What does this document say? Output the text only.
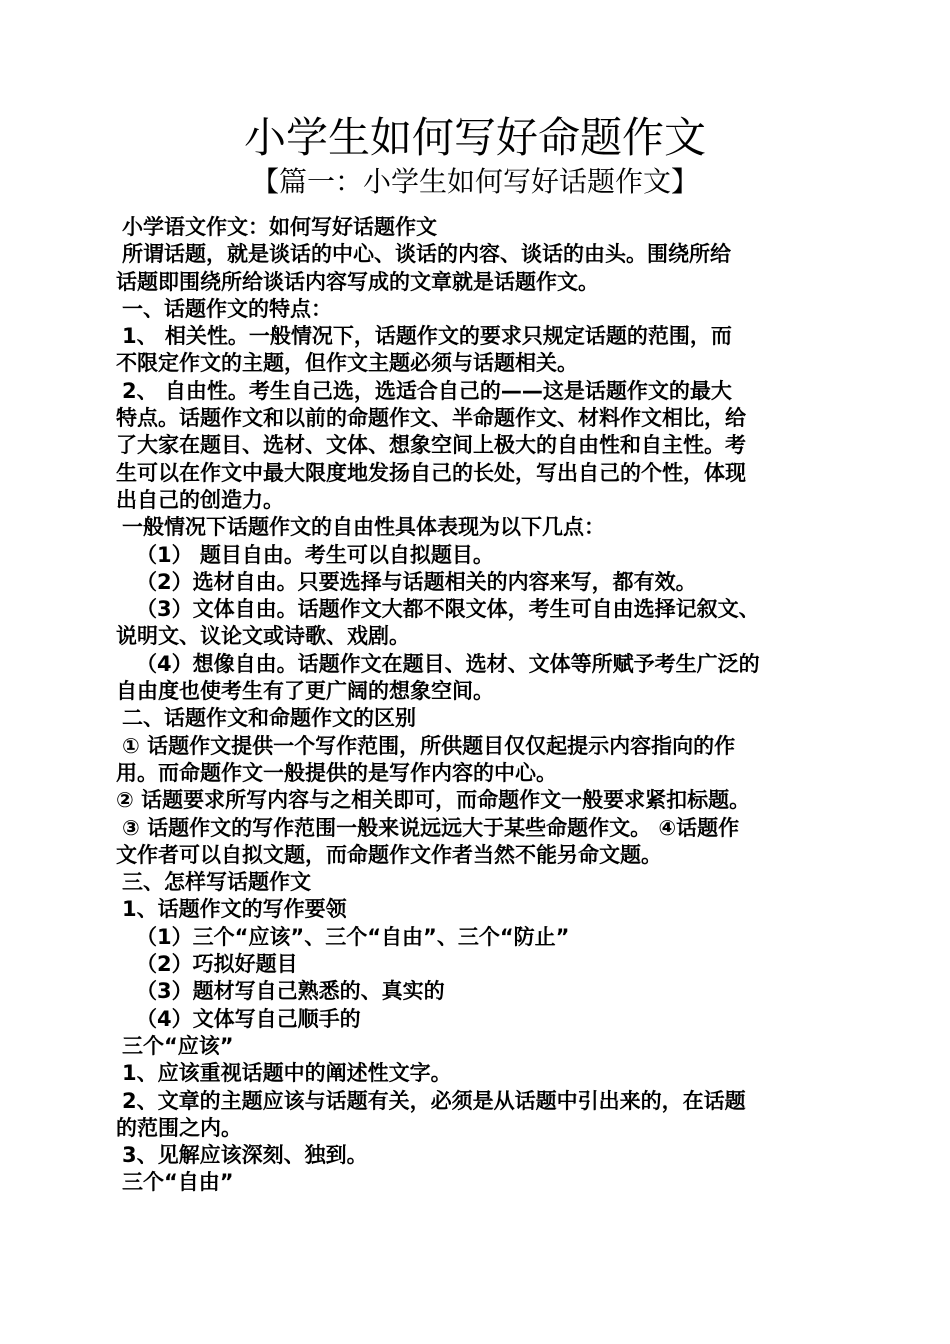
小学生如何写好命题作文
【篇一：小学生如何写好话题作文】

小学语文作文：如何写好话题作文

所谓话题，就是谈话的中心、谈话的内容、谈话的由头。围绕所给

话题即围绕所给谈话内容写成的文章就是话题作文。

一、话题作文的特点：

1、 相关性。一般情况下，话题作文的要求只规定话题的范围，而

不限定作文的主题，但作文主题必须与话题相关。

2、 自由性。考生自己选，选适合自己的——这是话题作文的最大

特点。话题作文和以前的命题作文、半命题作文、材料作文相比，给

了大家在题目、选材、文体、想象空间上极大的自由性和自主性。考

生可以在作文中最大限度地发扬自己的长处，写出自己的个性，体现

出自己的创造力。

一般情况下话题作文的自由性具体表现为以下几点：

（1） 题目自由。考生可以自拟题目。

（2）选材自由。只要选择与话题相关的内容来写，都有效。

（3）文体自由。话题作文大都不限文体，考生可自由选择记叙文、

说明文、议论文或诗歌、戏剧。

（4）想像自由。话题作文在题目、选材、文体等所赋予考生广泛的

自由度也使考生有了更广阔的想象空间。

二、话题作文和命题作文的区别

① 话题作文提供一个写作范围，所供题目仅仅起提示内容指向的作

用。而命题作文一般提供的是写作内容的中心。

② 话题要求所写内容与之相关即可，而命题作文一般要求紧扣标题。

③ 话题作文的写作范围一般来说远远大于某些命题作文。 ④话题作

文作者可以自拟文题，而命题作文作者当然不能另命文题。

三、怎样写话题作文

1、话题作文的写作要领

（1）三个“应该”、三个“自由”、三个“防止”

（2）巧拟好题目

（3）题材写自己熟悉的、真实的

（4）文体写自己顺手的

三个“应该”

1、应该重视话题中的阐述性文字。

2、文章的主题应该与话题有关，必须是从话题中引出来的，在话题

的范围之内。

3、见解应该深刻、独到。

三个“自由”
